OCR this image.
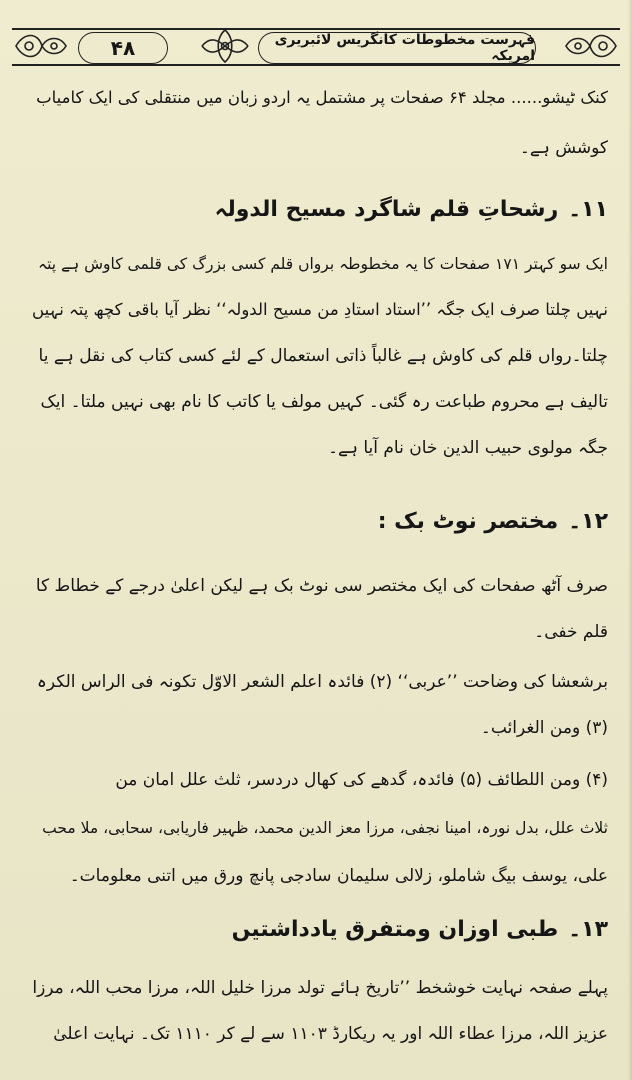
۴۸	فہرست مخطوطات کانگریس لائبریری امریکہ
کنک ٹیشو...... مجلد ۶۴ صفحات پر مشتمل یہ اردو زبان میں منتقلی کی ایک کامیاب
کوشش ہے۔
۱۱۔رشحاتِ قلم شاگرد مسیح الدولہ
ایک سو کہتر ۱۷۱ صفحات کا یہ مخطوطہ برواں قلم کسی بزرگ کی قلمی کاوش ہے پتہ
نہیں چلتا صرف ایک جگہ ’’استاد استادِ من مسیح الدولہ‘‘ نظر آیا باقی کچھ پتہ نہیں
چلتا۔رواں قلم کی کاوش ہے غالباً ذاتی استعمال کے لئے کسی کتاب کی نقل ہے یا
تالیف ہے محروم طباعت رہ گئی۔ کہیں مولف یا کاتب کا نام بھی نہیں ملتا۔ ایک
جگہ مولوی حبیب الدین خان نام آیا ہے۔
۱۲۔مختصر نوٹ بک :
صرف آٹھ صفحات کی ایک مختصر سی نوٹ بک ہے لیکن اعلیٰ درجے کے خطاط کا
قلم خفی۔
برشعشا کی وضاحت ’’عربی‘‘ (۲) فائدہ اعلم الشعر الاوّل تکونہ فی الراس الکرہ
(۳) ومن الغرائب۔
(۴) ومن اللطائف (۵) فائدہ، گدھے کی کھال دردسر، ثلث علل امان من
ثلاث علل، بدل نورہ، امینا نجفی، مرزا معز الدین محمد، ظہیر فاریابی، سحابی، ملا محب
علی، یوسف بیگ شاملو، زلالی سلیمان سادجی پانچ ورق میں اتنی معلومات۔
۱۳۔طبی اوزان ومتفرق یادداشتیں
پہلے صفحہ نہایت خوشخط ’’تاریخ ہائے تولد مرزا خلیل اللہ، مرزا محب اللہ، مرزا
عزیز اللہ، مرزا عطاء اللہ اور یہ ریکارڈ ۱۱۰۳ سے لے کر ۱۱۱۰ تک۔ نہایت اعلیٰ
